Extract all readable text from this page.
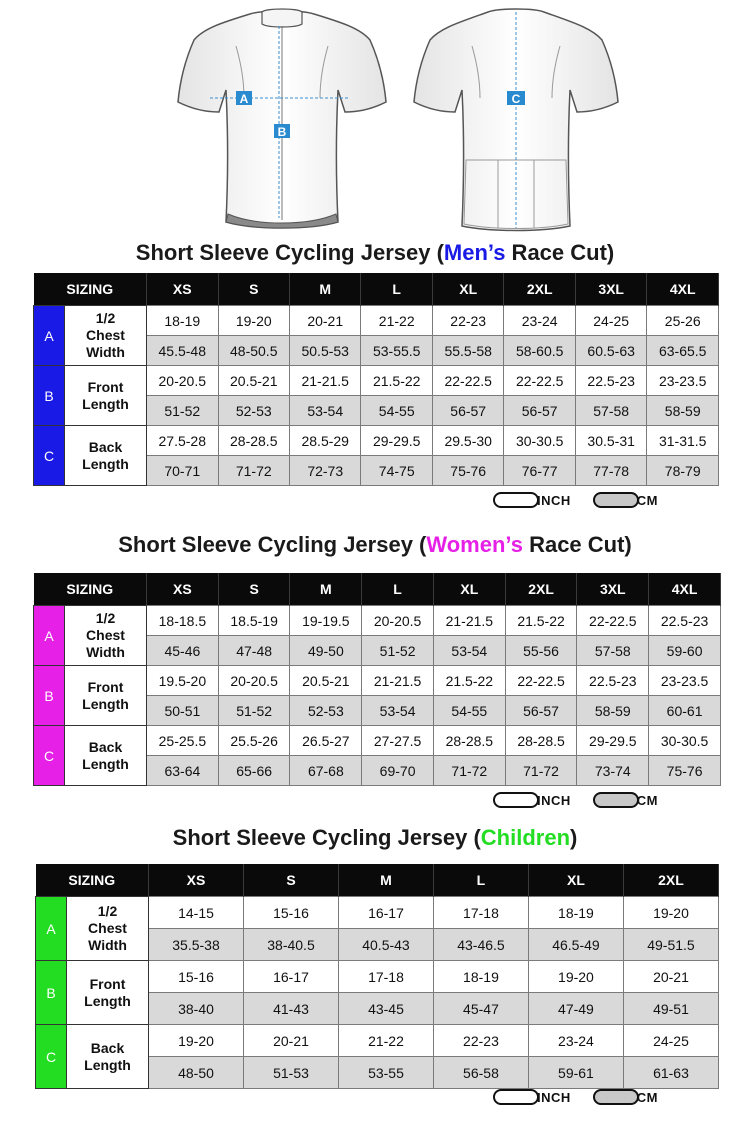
A
B
C
Short Sleeve Cycling Jersey (Men’s Race Cut)
SIZING		XS	S	M	L	XL	2XL	3XL	4XL
A	1/2
Chest
Width	18-19	19-20	20-21	21-22	22-23	23-24	24-25	25-26
		45.5-48	48-50.5	50.5-53	53-55.5	55.5-58	58-60.5	60.5-63	63-65.5
B	Front
Length	20-20.5	20.5-21	21-21.5	21.5-22	22-22.5	22-22.5	22.5-23	23-23.5
		51-52	52-53	53-54	54-55	56-57	56-57	57-58	58-59
C	Back
Length	27.5-28	28-28.5	28.5-29	29-29.5	29.5-30	30-30.5	30.5-31	31-31.5
		70-71	71-72	72-73	74-75	75-76	76-77	77-78	78-79
INCH	CM
Short Sleeve Cycling Jersey (Women’s Race Cut)
SIZING		XS	S	M	L	XL	2XL	3XL	4XL
A	1/2
Chest
Width	18-18.5	18.5-19	19-19.5	20-20.5	21-21.5	21.5-22	22-22.5	22.5-23
		45-46	47-48	49-50	51-52	53-54	55-56	57-58	59-60
B	Front
Length	19.5-20	20-20.5	20.5-21	21-21.5	21.5-22	22-22.5	22.5-23	23-23.5
		50-51	51-52	52-53	53-54	54-55	56-57	58-59	60-61
C	Back
Length	25-25.5	25.5-26	26.5-27	27-27.5	28-28.5	28-28.5	29-29.5	30-30.5
		63-64	65-66	67-68	69-70	71-72	71-72	73-74	75-76
INCH	CM
Short Sleeve Cycling Jersey (Children)
SIZING		XS	S	M	L	XL	2XL
A	1/2
Chest
Width	14-15	15-16	16-17	17-18	18-19	19-20
		35.5-38	38-40.5	40.5-43	43-46.5	46.5-49	49-51.5
B	Front
Length	15-16	16-17	17-18	18-19	19-20	20-21
		38-40	41-43	43-45	45-47	47-49	49-51
C	Back
Length	19-20	20-21	21-22	22-23	23-24	24-25
		48-50	51-53	53-55	56-58	59-61	61-63
INCH	CM
